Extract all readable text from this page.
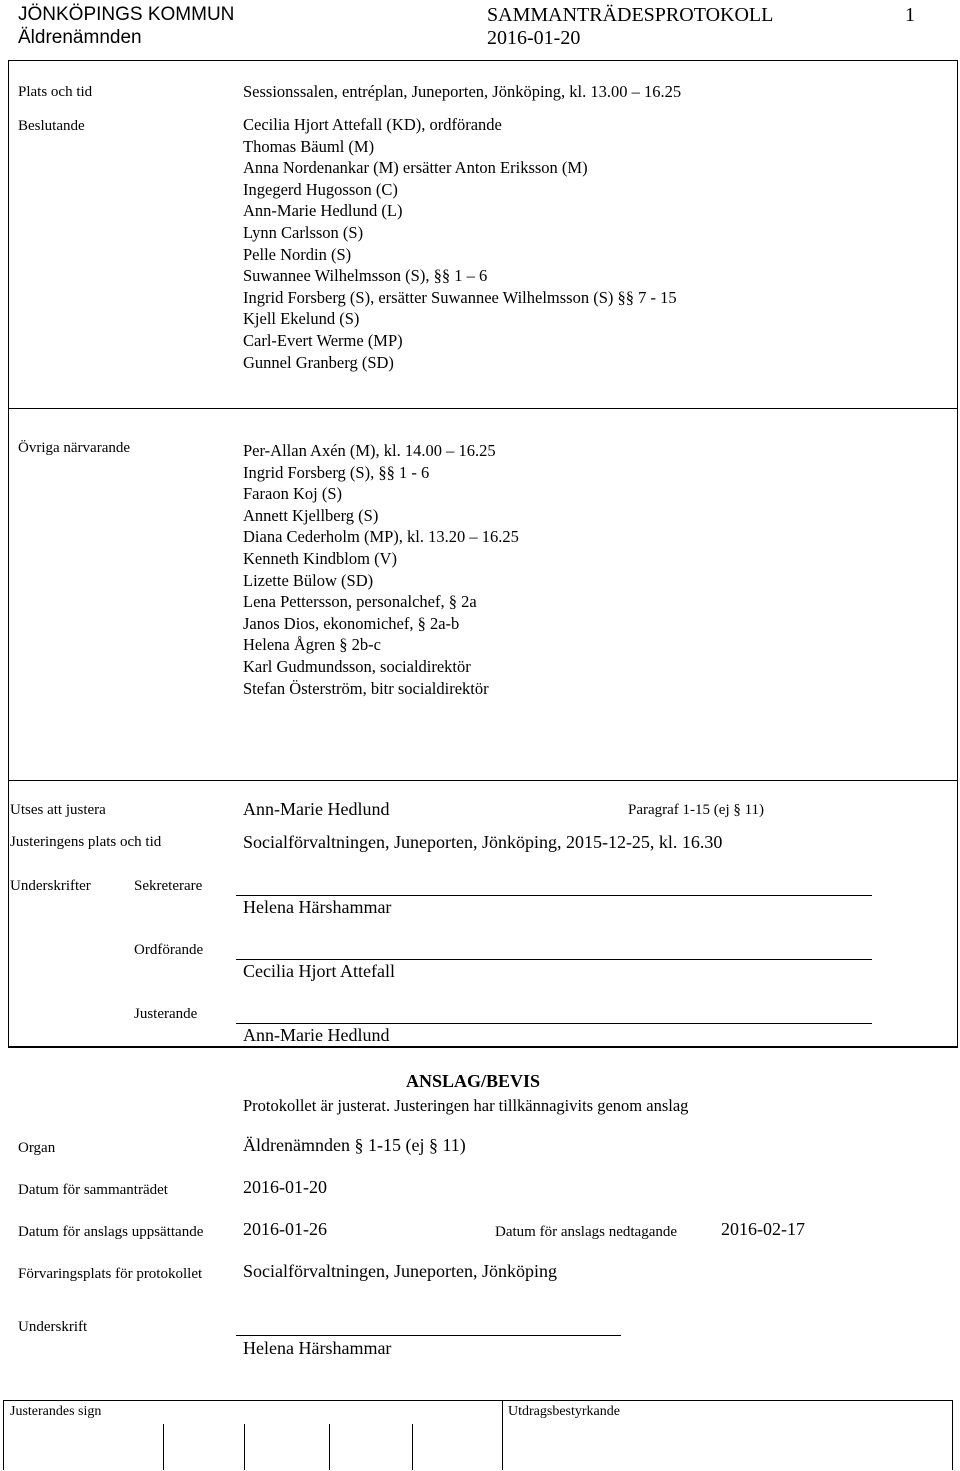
JÖNKÖPINGS KOMMUN
Äldrenämnden
SAMMANTRÄDESPROTOKOLL	1
2016-01-20
Plats och tid	Sessionssalen, entréplan, Juneporten, Jönköping, kl. 13.00 – 16.25
Beslutande	Cecilia Hjort Attefall (KD), ordförande
Thomas Bäuml (M)
Anna Nordenankar (M) ersätter Anton Eriksson (M)
Ingegerd Hugosson (C)
Ann-Marie Hedlund (L)
Lynn Carlsson (S)
Pelle Nordin (S)
Suwannee Wilhelmsson (S), §§ 1 – 6
Ingrid Forsberg (S), ersätter Suwannee Wilhelmsson (S) §§ 7 - 15
Kjell Ekelund (S)
Carl-Evert Werme (MP)
Gunnel Granberg (SD)
Övriga närvarande	Per-Allan Axén (M), kl. 14.00 – 16.25
Ingrid Forsberg (S), §§ 1 - 6
Faraon Koj (S)
Annett Kjellberg (S)
Diana Cederholm (MP), kl. 13.20 – 16.25
Kenneth Kindblom (V)
Lizette Bülow (SD)
Lena Pettersson, personalchef, § 2a
Janos Dios, ekonomichef, § 2a-b
Helena Ågren § 2b-c
Karl Gudmundsson, socialdirektör
Stefan Österström, bitr socialdirektör
Utses att justera	Ann-Marie Hedlund	Paragraf 1-15 (ej § 11)
Justeringens plats och tid	Socialförvaltningen, Juneporten, Jönköping, 2015-12-25, kl. 16.30
Underskrifter	Sekreterare
Helena Härshammar
Ordförande
Cecilia Hjort Attefall
Justerande
Ann-Marie Hedlund
ANSLAG/BEVIS
Protokollet är justerat. Justeringen har tillkännagivits genom anslag
Organ	Äldrenämnden § 1-15 (ej § 11)
Datum för sammanträdet	2016-01-20
Datum för anslags uppsättande 2016-01-26	Datum för anslags nedtagande 2016-02-17
Förvaringsplats för protokollet Socialförvaltningen, Juneporten, Jönköping
Underskrift
Helena Härshammar
Justerandes sign	Utdragsbestyrkande
